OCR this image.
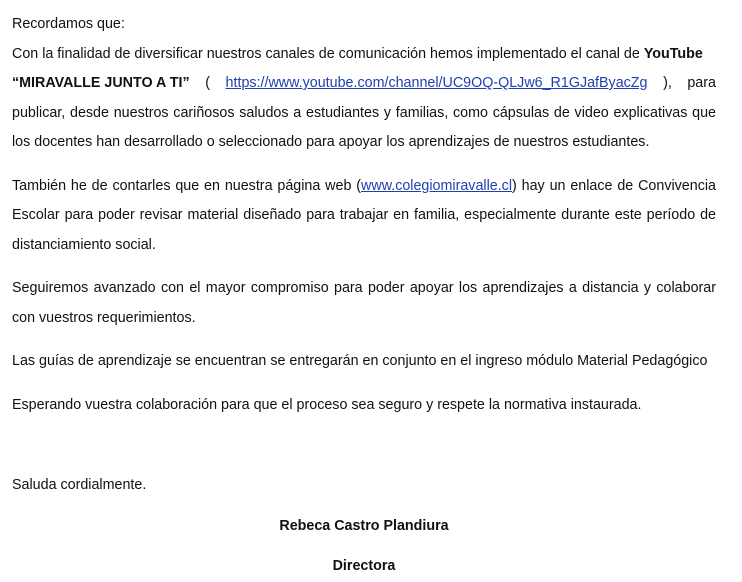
Recordamos que:

Con la finalidad de diversificar nuestros canales de comunicación hemos implementado el canal de YouTube

“MIRAVALLE JUNTO A TI” ( https://www.youtube.com/channel/UC9OQ-QLJw6_R1GJafByacZg ), para

publicar, desde nuestros cariñosos saludos a estudiantes y familias, como cápsulas de video explicativas que los docentes han desarrollado o seleccionado para apoyar los aprendizajes de nuestros estudiantes.

También he de contarles que en nuestra página web (www.colegiomiravalle.cl) hay un enlace de Convivencia Escolar para poder revisar material diseñado para trabajar en familia, especialmente durante este período de distanciamiento social.

Seguiremos avanzado con el mayor compromiso para poder apoyar los aprendizajes a distancia y colaborar con vuestros requerimientos.

Las guías de aprendizaje se encuentran se entregarán en conjunto en el ingreso módulo Material Pedagógico

Esperando vuestra colaboración para que el proceso sea seguro y respete la normativa instaurada.

Saluda cordialmente.

Rebeca Castro Plandiura

Directora
